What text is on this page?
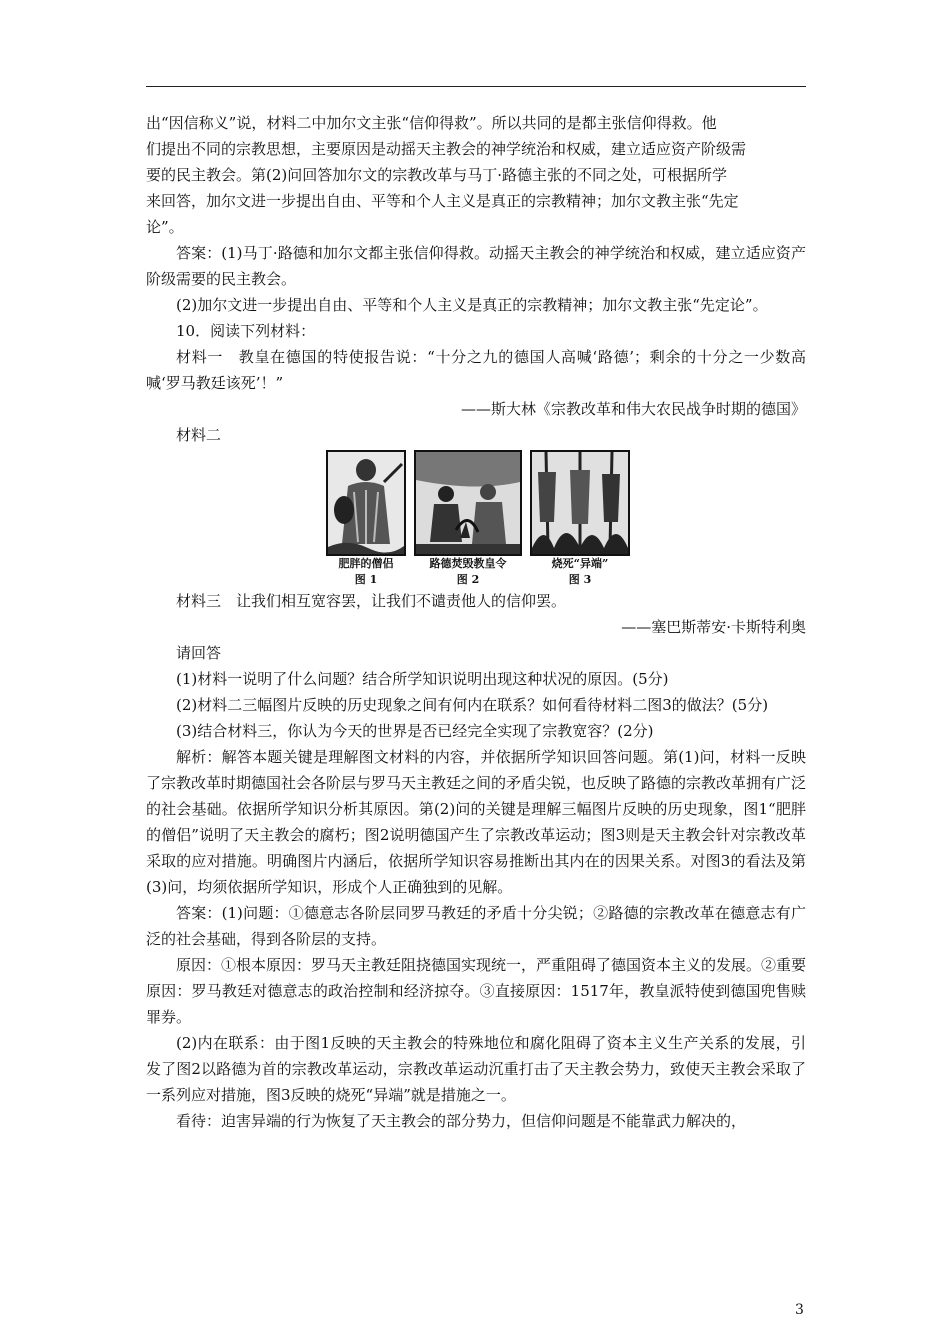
出“因信称义”说，材料二中加尔文主张“信仰得救”。所以共同的是都主张信仰得救。他

们提出不同的宗教思想，主要原因是动摇天主教会的神学统治和权威，建立适应资产阶级需

要的民主教会。第(2)问回答加尔文的宗教改革与马丁·路德主张的不同之处，可根据所学

来回答，加尔文进一步提出自由、平等和个人主义是真正的宗教精神；加尔文教主张“先定

论”。

答案：(1)马丁·路德和加尔文都主张信仰得救。动摇天主教会的神学统治和权威，建立适应资产阶级需要的民主教会。

(2)加尔文进一步提出自由、平等和个人主义是真正的宗教精神；加尔文教主张“先定论”。

10．阅读下列材料：

材料一　教皇在德国的特使报告说：“十分之九的德国人高喊‘路德’；剩余的十分之一少数高喊‘罗马教廷该死’！”

——斯大林《宗教改革和伟大农民战争时期的德国》

材料二

肥胖的僧侣
图 1
路德焚毁教皇令
图 2
烧死“异端”
图 3

材料三　让我们相互宽容罢，让我们不谴责他人的信仰罢。

——塞巴斯蒂安·卡斯特利奥

请回答

(1)材料一说明了什么问题？结合所学知识说明出现这种状况的原因。(5分)

(2)材料二三幅图片反映的历史现象之间有何内在联系？如何看待材料二图3的做法？(5分)

(3)结合材料三，你认为今天的世界是否已经完全实现了宗教宽容？(2分)

解析：解答本题关键是理解图文材料的内容，并依据所学知识回答问题。第(1)问，材料一反映了宗教改革时期德国社会各阶层与罗马天主教廷之间的矛盾尖锐，也反映了路德的宗教改革拥有广泛的社会基础。依据所学知识分析其原因。第(2)问的关键是理解三幅图片反映的历史现象，图1“肥胖的僧侣”说明了天主教会的腐朽；图2说明德国产生了宗教改革运动；图3则是天主教会针对宗教改革采取的应对措施。明确图片内涵后，依据所学知识容易推断出其内在的因果关系。对图3的看法及第(3)问，均须依据所学知识，形成个人正确独到的见解。

答案：(1)问题：①德意志各阶层同罗马教廷的矛盾十分尖锐；②路德的宗教改革在德意志有广泛的社会基础，得到各阶层的支持。

原因：①根本原因：罗马天主教廷阻挠德国实现统一，严重阻碍了德国资本主义的发展。②重要原因：罗马教廷对德意志的政治控制和经济掠夺。③直接原因：1517年，教皇派特使到德国兜售赎罪券。

(2)内在联系：由于图1反映的天主教会的特殊地位和腐化阻碍了资本主义生产关系的发展，引发了图2以路德为首的宗教改革运动，宗教改革运动沉重打击了天主教会势力，致使天主教会采取了一系列应对措施，图3反映的烧死“异端”就是措施之一。

看待：迫害异端的行为恢复了天主教会的部分势力，但信仰问题是不能靠武力解决的，

3
